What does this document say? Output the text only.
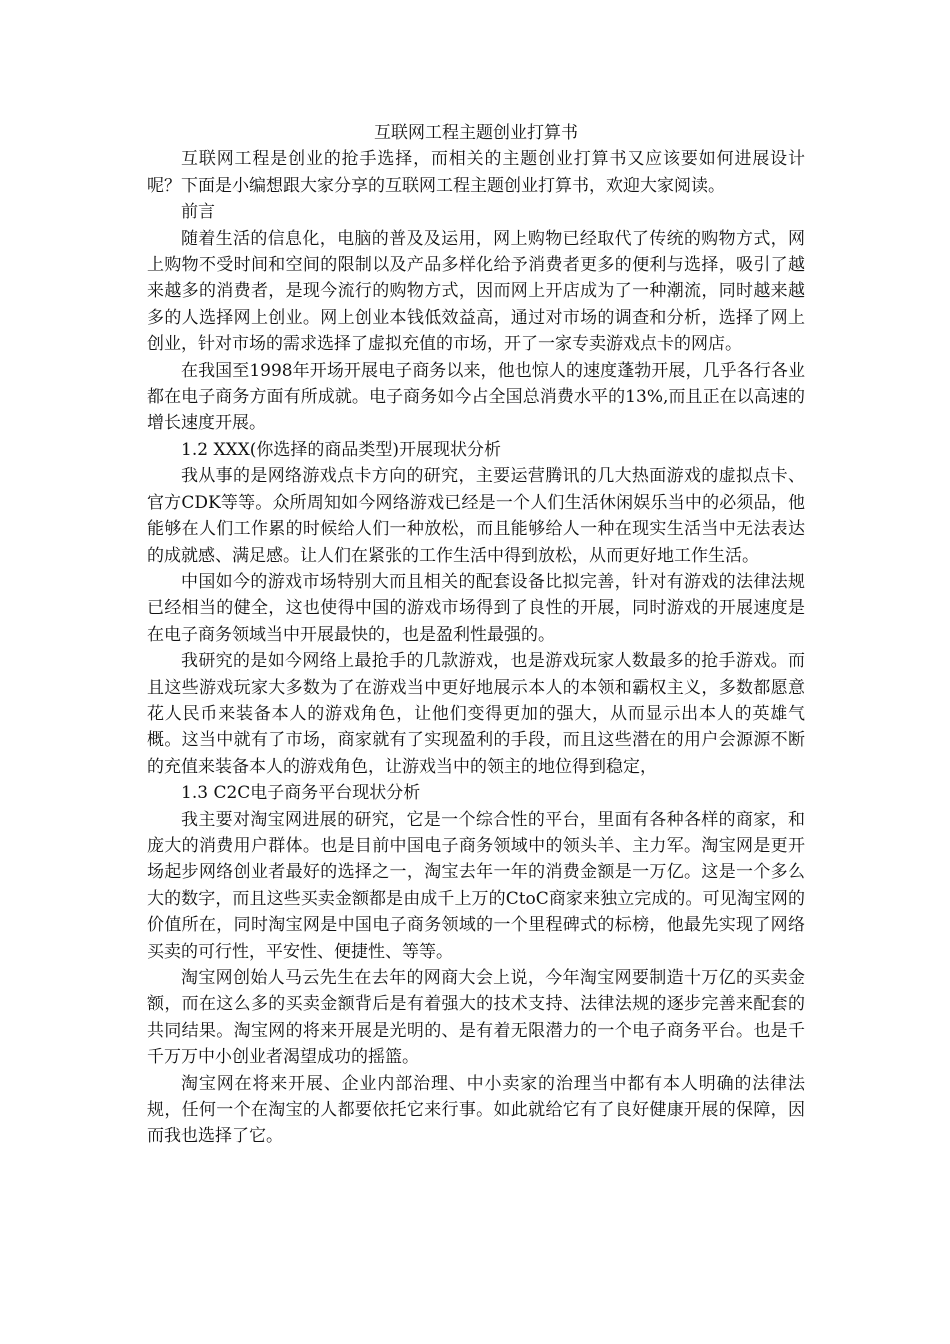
互联网工程主题创业打算书

互联网工程是创业的抢手选择，而相关的主题创业打算书又应该要如何进展设计呢？下面是小编想跟大家分享的互联网工程主题创业打算书，欢迎大家阅读。

前言

随着生活的信息化，电脑的普及及运用，网上购物已经取代了传统的购物方式，网上购物不受时间和空间的限制以及产品多样化给予消费者更多的便利与选择，吸引了越来越多的消费者，是现今流行的购物方式，因而网上开店成为了一种潮流，同时越来越多的人选择网上创业。网上创业本钱低效益高，通过对市场的调查和分析，选择了网上创业，针对市场的需求选择了虚拟充值的市场，开了一家专卖游戏点卡的网店。

在我国至1998年开场开展电子商务以来，他也惊人的速度蓬勃开展，几乎各行各业都在电子商务方面有所成就。电子商务如今占全国总消费水平的13%,而且正在以高速的增长速度开展。

1.2 XXX(你选择的商品类型)开展现状分析

我从事的是网络游戏点卡方向的研究，主要运营腾讯的几大热面游戏的虚拟点卡、官方CDK等等。众所周知如今网络游戏已经是一个人们生活休闲娱乐当中的必须品，他能够在人们工作累的时候给人们一种放松，而且能够给人一种在现实生活当中无法表达的成就感、满足感。让人们在紧张的工作生活中得到放松，从而更好地工作生活。

中国如今的游戏市场特别大而且相关的配套设备比拟完善，针对有游戏的法律法规已经相当的健全，这也使得中国的游戏市场得到了良性的开展，同时游戏的开展速度是在电子商务领域当中开展最快的，也是盈利性最强的。

我研究的是如今网络上最抢手的几款游戏，也是游戏玩家人数最多的抢手游戏。而且这些游戏玩家大多数为了在游戏当中更好地展示本人的本领和霸权主义，多数都愿意花人民币来装备本人的游戏角色，让他们变得更加的强大，从而显示出本人的英雄气概。这当中就有了市场，商家就有了实现盈利的手段，而且这些潜在的用户会源源不断的充值来装备本人的游戏角色，让游戏当中的领主的地位得到稳定，

1.3 C2C电子商务平台现状分析

我主要对淘宝网进展的研究，它是一个综合性的平台，里面有各种各样的商家，和庞大的消费用户群体。也是目前中国电子商务领域中的领头羊、主力军。淘宝网是更开场起步网络创业者最好的选择之一，淘宝去年一年的消费金额是一万亿。这是一个多么大的数字，而且这些买卖金额都是由成千上万的CtoC商家来独立完成的。可见淘宝网的价值所在，同时淘宝网是中国电子商务领域的一个里程碑式的标榜，他最先实现了网络买卖的可行性，平安性、便捷性、等等。

淘宝网创始人马云先生在去年的网商大会上说，今年淘宝网要制造十万亿的买卖金额，而在这么多的买卖金额背后是有着强大的技术支持、法律法规的逐步完善来配套的共同结果。淘宝网的将来开展是光明的、是有着无限潜力的一个电子商务平台。也是千千万万中小创业者渴望成功的摇篮。

淘宝网在将来开展、企业内部治理、中小卖家的治理当中都有本人明确的法律法规，任何一个在淘宝的人都要依托它来行事。如此就给它有了良好健康开展的保障，因而我也选择了它。
